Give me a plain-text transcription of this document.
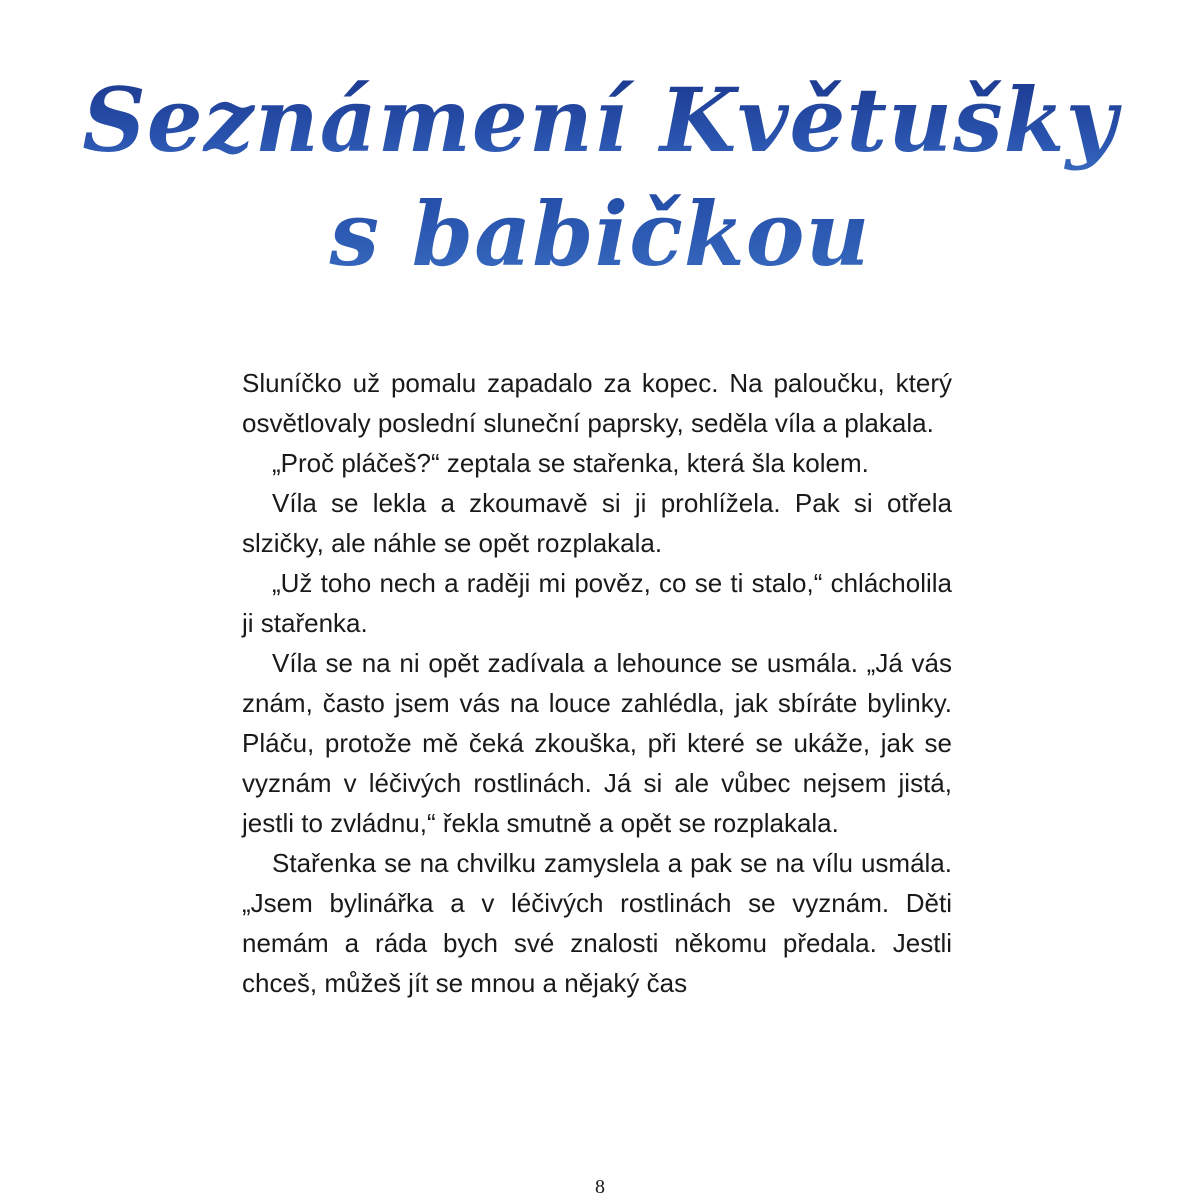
Seznámení Květušky
s babičkou

Sluníčko už pomalu zapadalo za kopec. Na paloučku, který osvětlovaly poslední sluneční paprsky, seděla víla a plakala.

„Proč pláčeš?“ zeptala se stařenka, která šla kolem.

Víla se lekla a zkoumavě si ji prohlížela. Pak si otřela slzičky, ale náhle se opět rozplakala.

„Už toho nech a raději mi pověz, co se ti stalo,“ chlácholila ji stařenka.

Víla se na ni opět zadívala a lehounce se usmála. „Já vás znám, často jsem vás na louce zahlédla, jak sbíráte bylinky. Pláču, protože mě čeká zkouška, při které se ukáže, jak se vyznám v léčivých rostlinách. Já si ale vůbec nejsem jistá, jestli to zvládnu,“ řekla smutně a opět se rozplakala.

Stařenka se na chvilku zamyslela a pak se na vílu usmála. „Jsem bylinářka a v léčivých rostlinách se vyznám. Děti nemám a ráda bych své znalosti někomu předala. Jestli chceš, můžeš jít se mnou a nějaký čas

8
